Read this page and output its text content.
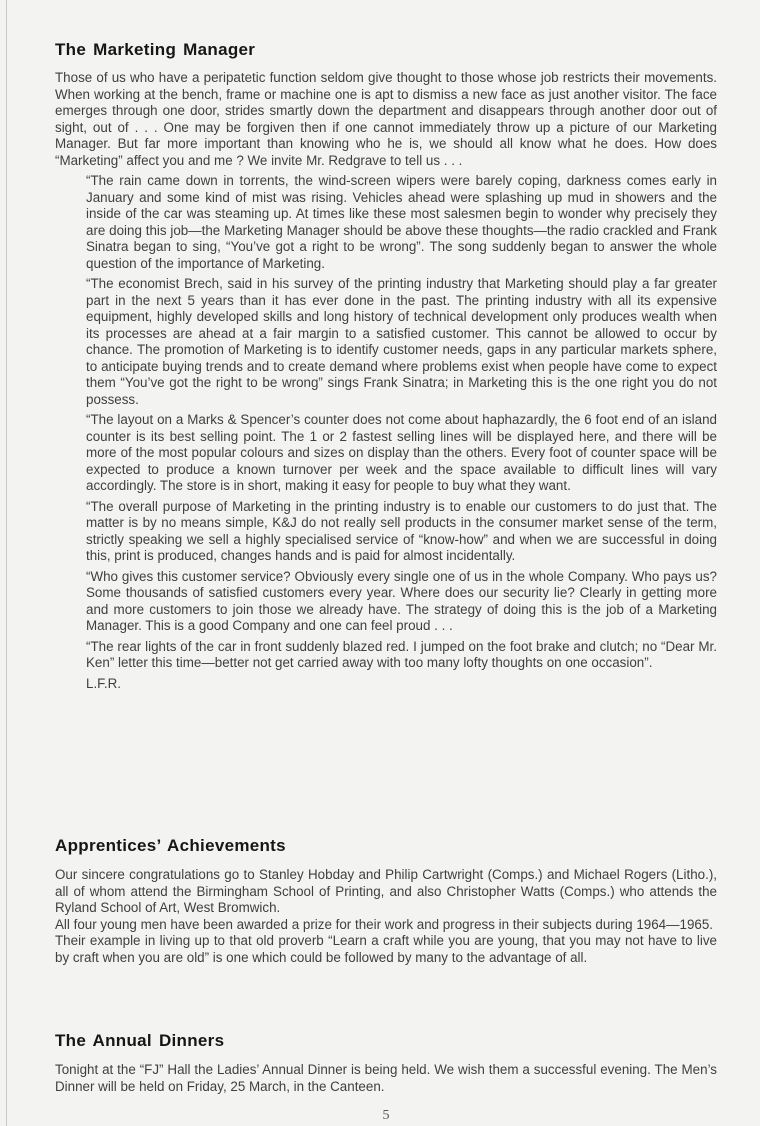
The Marketing Manager

Those of us who have a peripatetic function seldom give thought to those whose job restricts their movements. When working at the bench, frame or machine one is apt to dismiss a new face as just another visitor. The face emerges through one door, strides smartly down the department and disappears through another door out of sight, out of . . . One may be forgiven then if one cannot immediately throw up a picture of our Marketing Manager. But far more important than knowing who he is, we should all know what he does. How does “Marketing” affect you and me ? We invite Mr. Redgrave to tell us . . .

“The rain came down in torrents, the wind-screen wipers were barely coping, darkness comes early in January and some kind of mist was rising. Vehicles ahead were splashing up mud in showers and the inside of the car was steaming up. At times like these most salesmen begin to wonder why precisely they are doing this job—the Marketing Manager should be above these thoughts—the radio crackled and Frank Sinatra began to sing, “You’ve got a right to be wrong”. The song suddenly began to answer the whole question of the importance of Marketing.

“The economist Brech, said in his survey of the printing industry that Marketing should play a far greater part in the next 5 years than it has ever done in the past. The printing industry with all its expensive equipment, highly developed skills and long history of technical development only produces wealth when its processes are ahead at a fair margin to a satisfied customer. This cannot be allowed to occur by chance. The promotion of Marketing is to identify customer needs, gaps in any particular markets sphere, to anticipate buying trends and to create demand where problems exist when people have come to expect them “You’ve got the right to be wrong” sings Frank Sinatra; in Marketing this is the one right you do not possess.

“The layout on a Marks & Spencer’s counter does not come about haphazardly, the 6 foot end of an island counter is its best selling point. The 1 or 2 fastest selling lines will be displayed here, and there will be more of the most popular colours and sizes on display than the others. Every foot of counter space will be expected to produce a known turnover per week and the space available to difficult lines will vary accordingly. The store is in short, making it easy for people to buy what they want.

“The overall purpose of Marketing in the printing industry is to enable our customers to do just that. The matter is by no means simple, K&J do not really sell products in the consumer market sense of the term, strictly speaking we sell a highly specialised service of “know-how” and when we are successful in doing this, print is produced, changes hands and is paid for almost incidentally.

“Who gives this customer service? Obviously every single one of us in the whole Company. Who pays us? Some thousands of satisfied customers every year. Where does our security lie? Clearly in getting more and more customers to join those we already have. The strategy of doing this is the job of a Marketing Manager. This is a good Company and one can feel proud . . .

“The rear lights of the car in front suddenly blazed red. I jumped on the foot brake and clutch; no “Dear Mr. Ken” letter this time—better not get carried away with too many lofty thoughts on one occasion”.

L.F.R.

Apprentices’ Achievements

Our sincere congratulations go to Stanley Hobday and Philip Cartwright (Comps.) and Michael Rogers (Litho.), all of whom attend the Birmingham School of Printing, and also Christopher Watts (Comps.) who attends the Ryland School of Art, West Bromwich.

All four young men have been awarded a prize for their work and progress in their subjects during 1964—1965.

Their example in living up to that old proverb “Learn a craft while you are young, that you may not have to live by craft when you are old” is one which could be followed by many to the advantage of all.

The Annual Dinners

Tonight at the “FJ” Hall the Ladies’ Annual Dinner is being held. We wish them a successful evening. The Men’s Dinner will be held on Friday, 25 March, in the Canteen.

5
